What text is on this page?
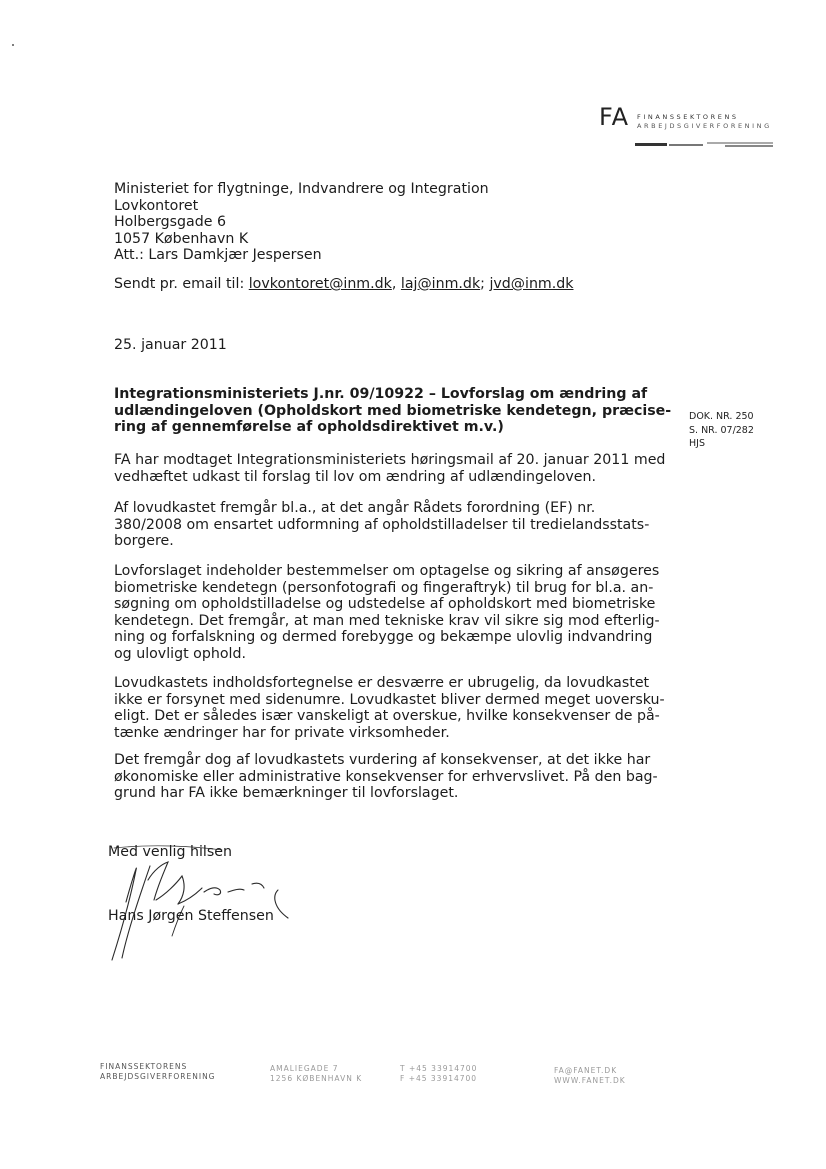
FA FINANSSEKTORENS
ARBEJDSGIVERFORENING
Ministeriet for flygtninge, Indvandrere og Integration
Lovkontoret
Holbergsgade 6
1057 København K
Att.: Lars Damkjær Jespersen
Sendt pr. email til: lovkontoret@inm.dk, laj@inm.dk; jvd@inm.dk
25. januar 2011
Integrationsministeriets J.nr. 09/10922 – Lovforslag om ændring af
udlændingeloven (Opholdskort med biometriske kendetegn, præcise-
ring af gennemførelse af opholdsdirektivet m.v.)
DOK. NR. 250
S. NR. 07/282
HJS
FA har modtaget Integrationsministeriets høringsmail af 20. januar 2011 med
vedhæftet udkast til forslag til lov om ændring af udlændingeloven.
Af lovudkastet fremgår bl.a., at det angår Rådets forordning (EF) nr.
380/2008 om ensartet udformning af opholdstilladelser til tredielandsstats-
borgere.
Lovforslaget indeholder bestemmelser om optagelse og sikring af ansøgeres
biometriske kendetegn (personfotografi og fingeraftryk) til brug for bl.a. an-
søgning om opholdstilladelse og udstedelse af opholdskort med biometriske
kendetegn. Det fremgår, at man med tekniske krav vil sikre sig mod efterlig-
ning og forfalskning og dermed forebygge og bekæmpe ulovlig indvandring
og ulovligt ophold.
Lovudkastets indholdsfortegnelse er desværre er ubrugelig, da lovudkastet
ikke er forsynet med sidenumre. Lovudkastet bliver dermed meget uoversku-
eligt. Det er således især vanskeligt at overskue, hvilke konsekvenser de på-
tænke ændringer har for private virksomheder.
Det fremgår dog af lovudkastets vurdering af konsekvenser, at det ikke har
økonomiske eller administrative konsekvenser for erhvervslivet. På den bag-
grund har FA ikke bemærkninger til lovforslaget.
Med venlig hilsen
Hans Jørgen Steffensen
FINANSSEKTORENS
ARBEJDSGIVERFORENING
AMALIEGADE 7
1256 KØBENHAVN K
T +45 33914700
F +45 33914700
FA@FANET.DK
WWW.FANET.DK
